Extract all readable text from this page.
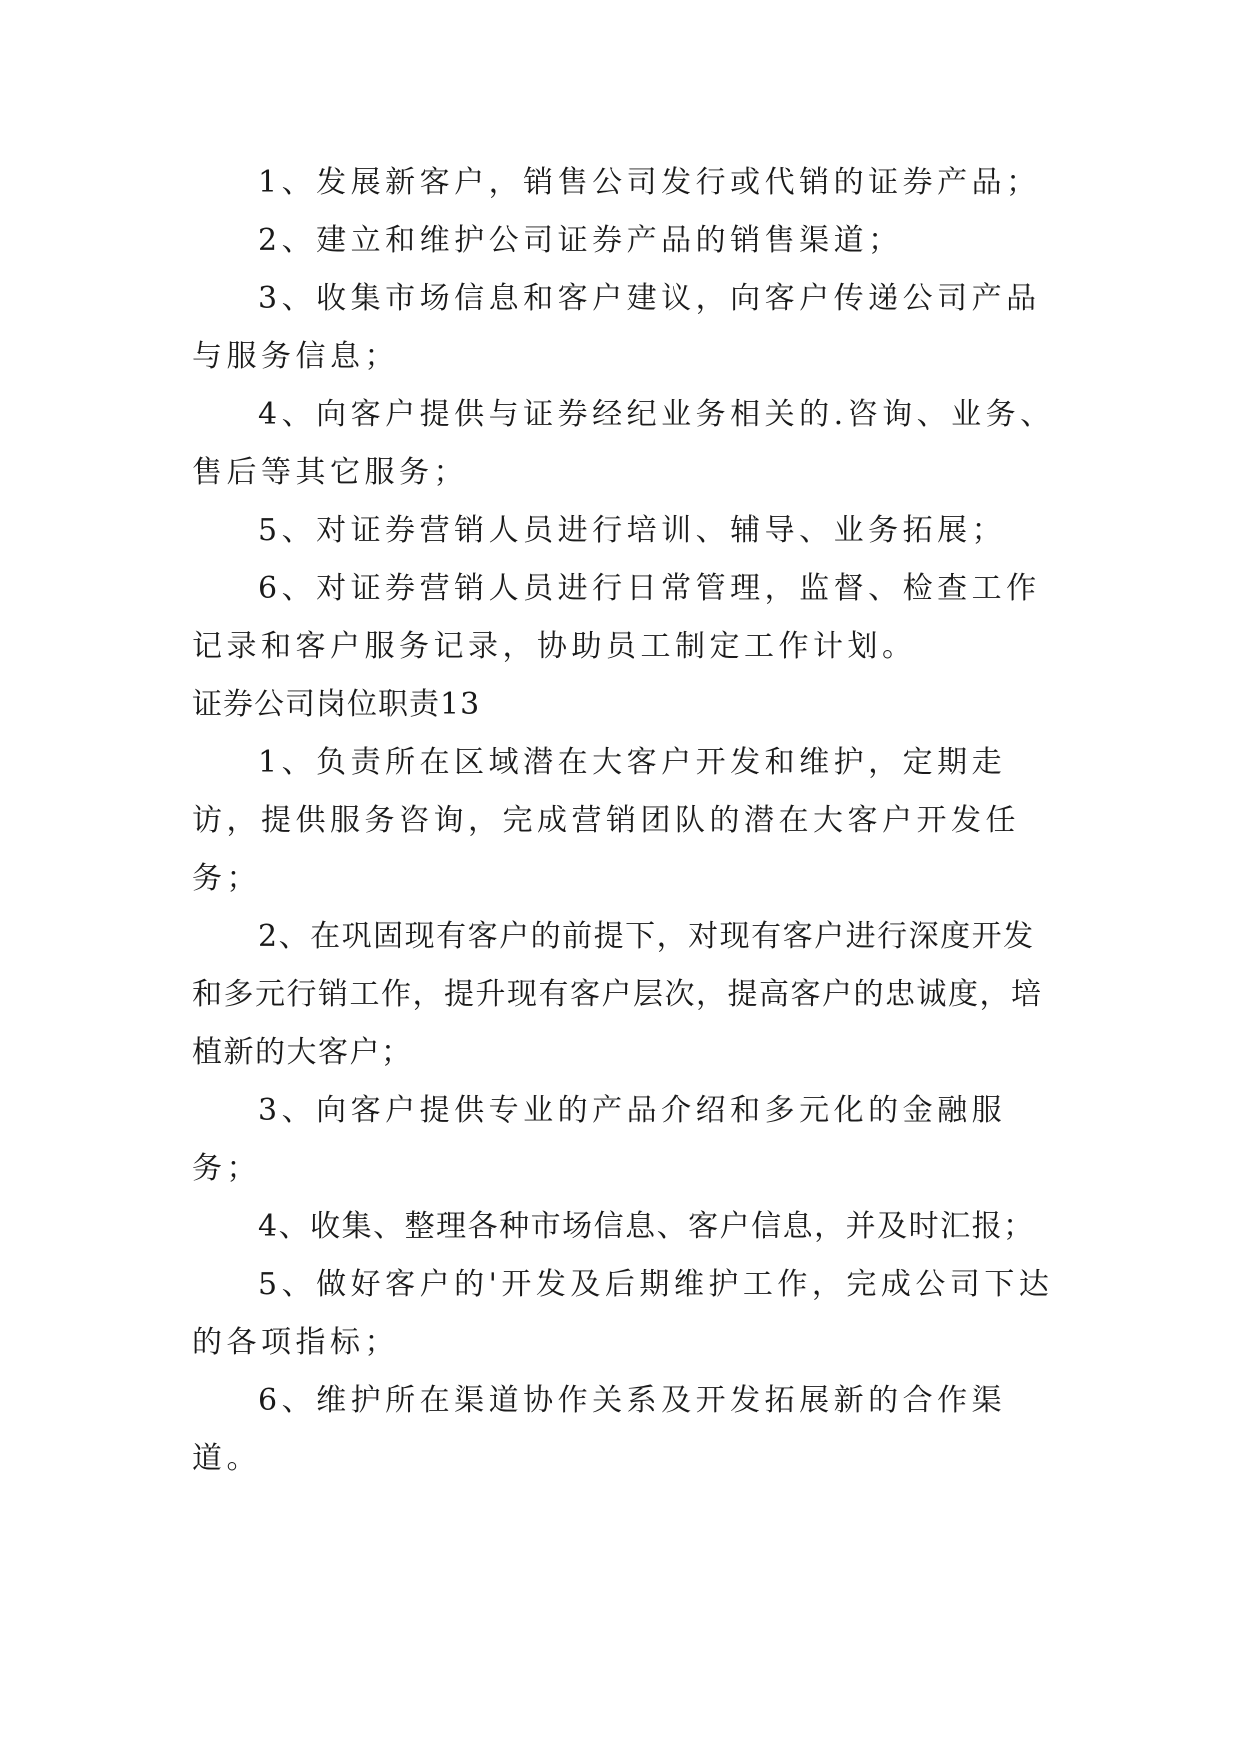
1、发展新客户，销售公司发行或代销的证券产品；

2、建立和维护公司证券产品的销售渠道；

3、收集市场信息和客户建议，向客户传递公司产品与服务信息；

4、向客户提供与证券经纪业务相关的.咨询、业务、售后等其它服务；

5、对证券营销人员进行培训、辅导、业务拓展；

6、对证券营销人员进行日常管理，监督、检查工作记录和客户服务记录，协助员工制定工作计划。

证券公司岗位职责13

1、负责所在区域潜在大客户开发和维护，定期走访，提供服务咨询，完成营销团队的潜在大客户开发任务；

2、在巩固现有客户的前提下，对现有客户进行深度开发和多元行销工作，提升现有客户层次，提高客户的忠诚度，培植新的大客户；

3、向客户提供专业的产品介绍和多元化的金融服务；

4、收集、整理各种市场信息、客户信息，并及时汇报；

5、做好客户的'开发及后期维护工作，完成公司下达的各项指标；

6、维护所在渠道协作关系及开发拓展新的合作渠道。
